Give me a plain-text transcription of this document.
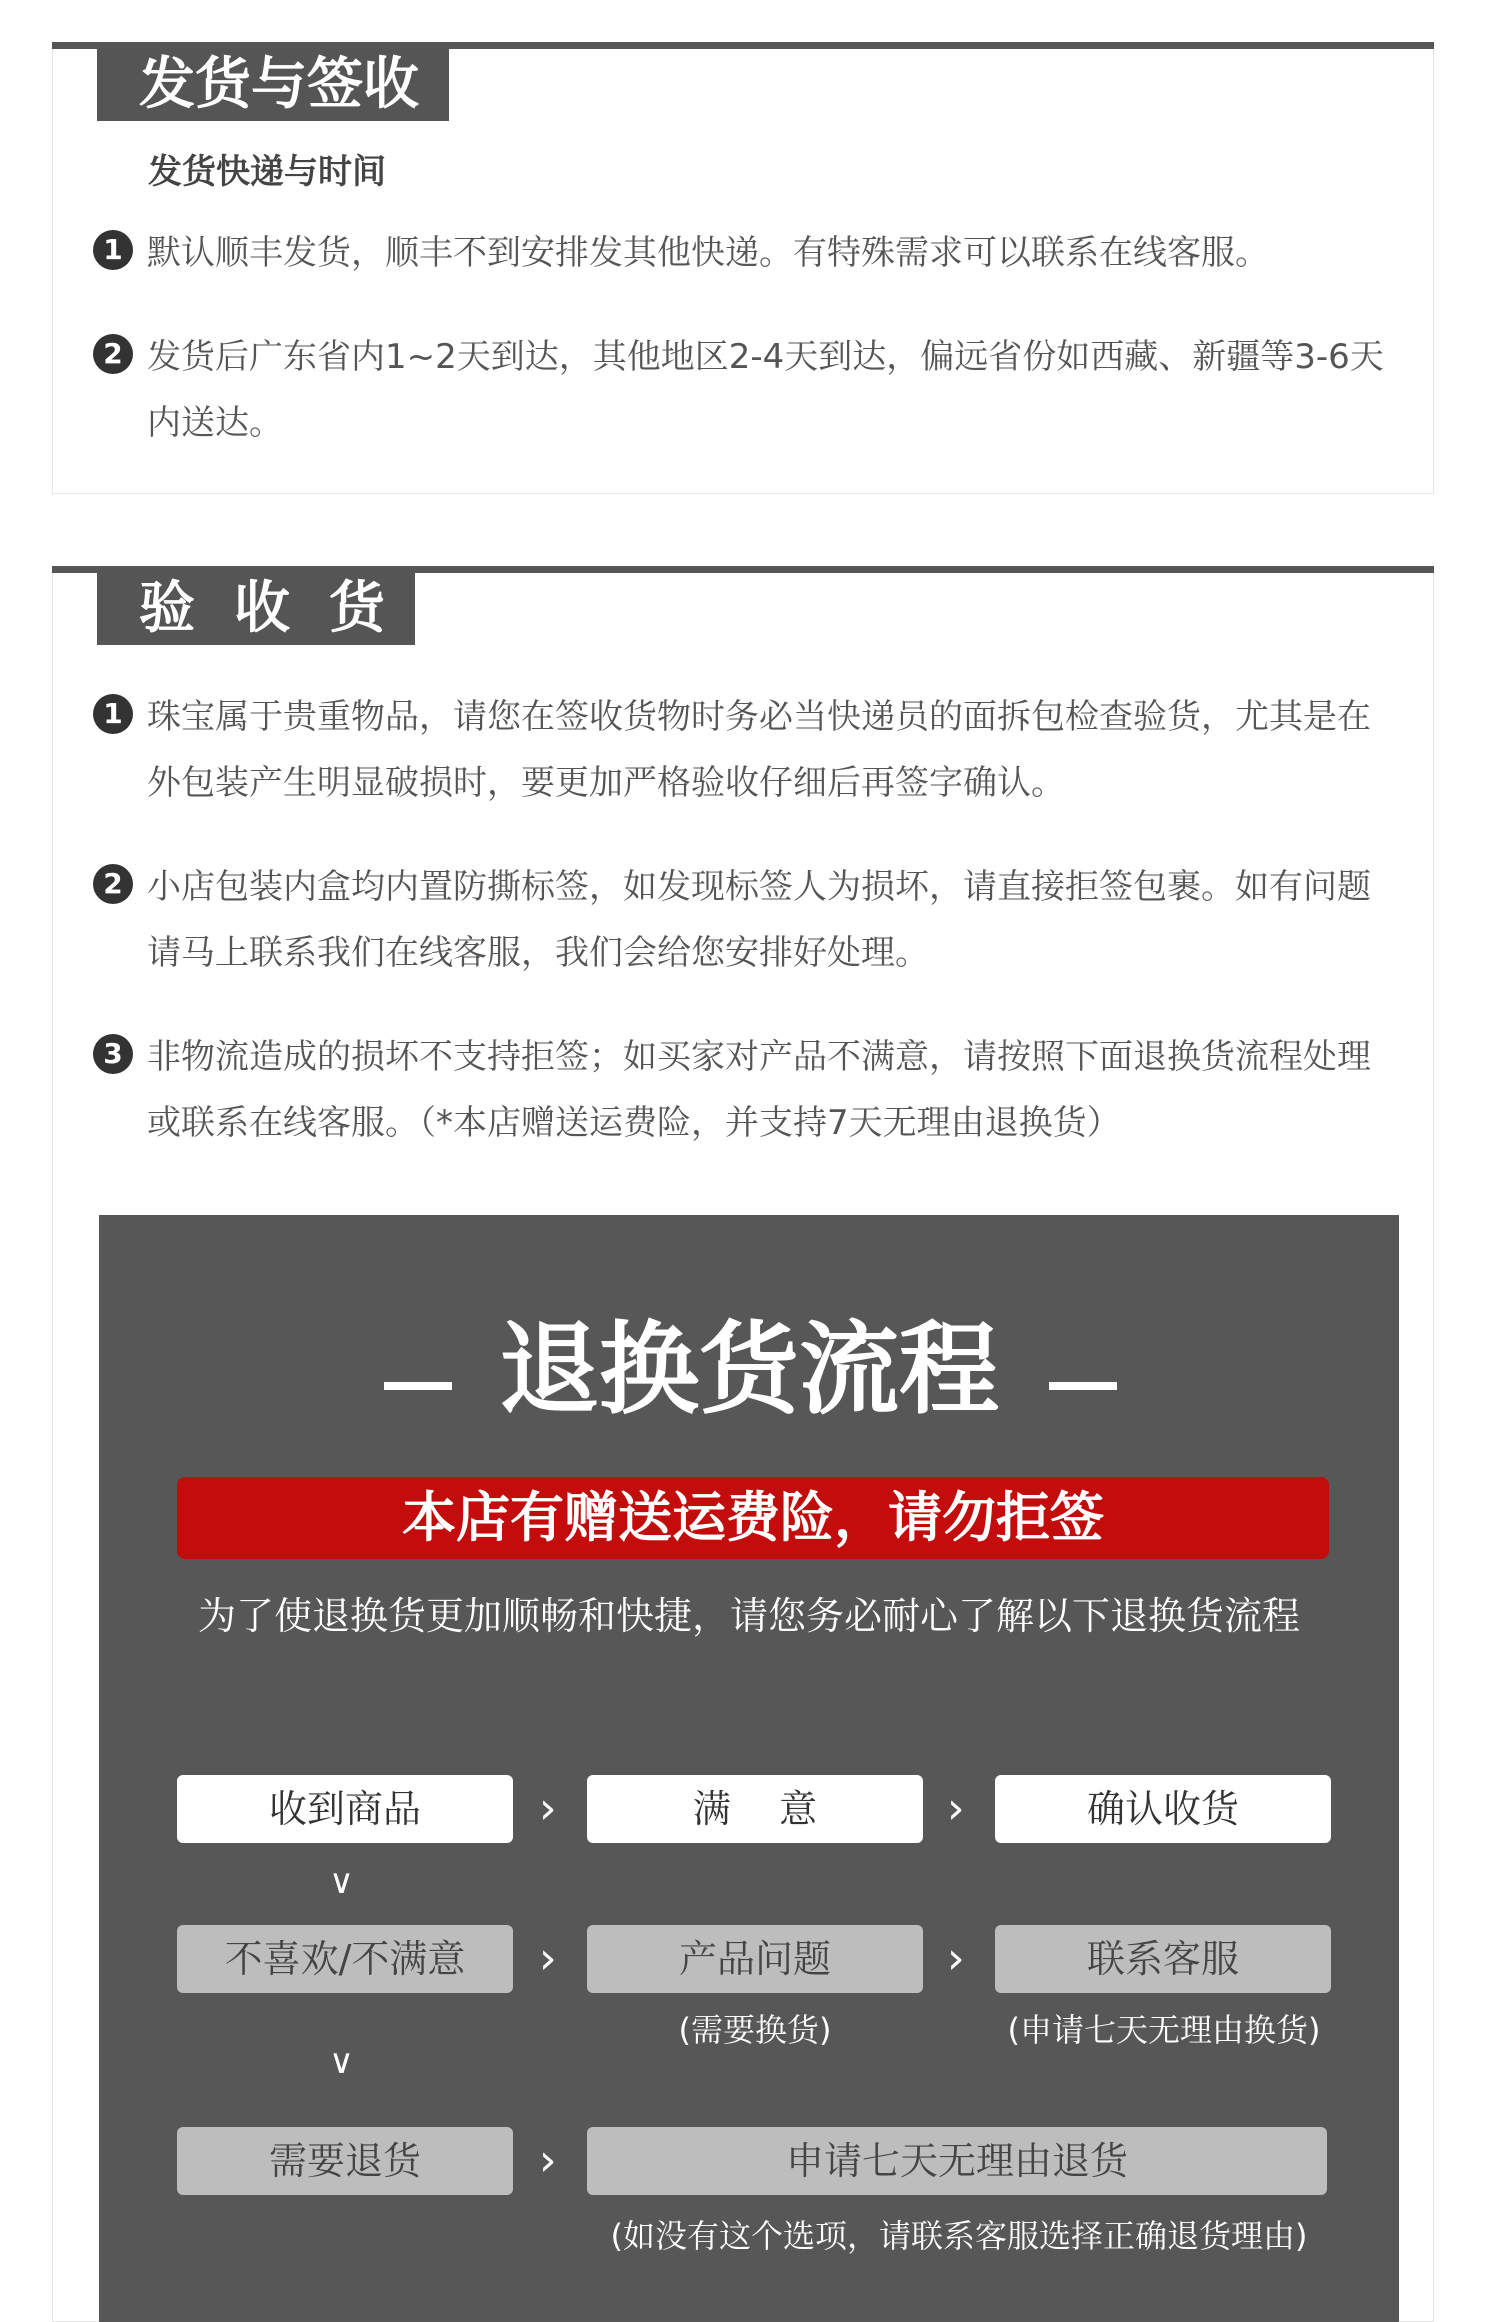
发货与签收
发货快递与时间
1 默认顺丰发货，顺丰不到安排发其他快递。有特殊需求可以联系在线客服。
2 发货后广东省内1~2天到达，其他地区2-4天到达，偏远省份如西藏、新疆等3-6天内送达。
验  收  货
1 珠宝属于贵重物品，请您在签收货物时务必当快递员的面拆包检查验货，尤其是在外包装产生明显破损时，要更加严格验收仔细后再签字确认。
2 小店包装内盒均内置防撕标签，如发现标签人为损坏，请直接拒签包裹。如有问题请马上联系我们在线客服，我们会给您安排好处理。
3 非物流造成的损坏不支持拒签；如买家对产品不满意，请按照下面退换货流程处理或联系在线客服。（*本店赠送运费险，并支持7天无理由退换货）
退换货流程
本店有赠送运费险，请勿拒签
为了使退换货更加顺畅和快捷，请您务必耐心了解以下退换货流程
收到商品	›	满    意	›	确认收货
∨
不喜欢/不满意	›	产品问题	›	联系客服
(需要换货)	(申请七天无理由换货)
∨
需要退货	›	申请七天无理由退货
(如没有这个选项，请联系客服选择正确退货理由)
